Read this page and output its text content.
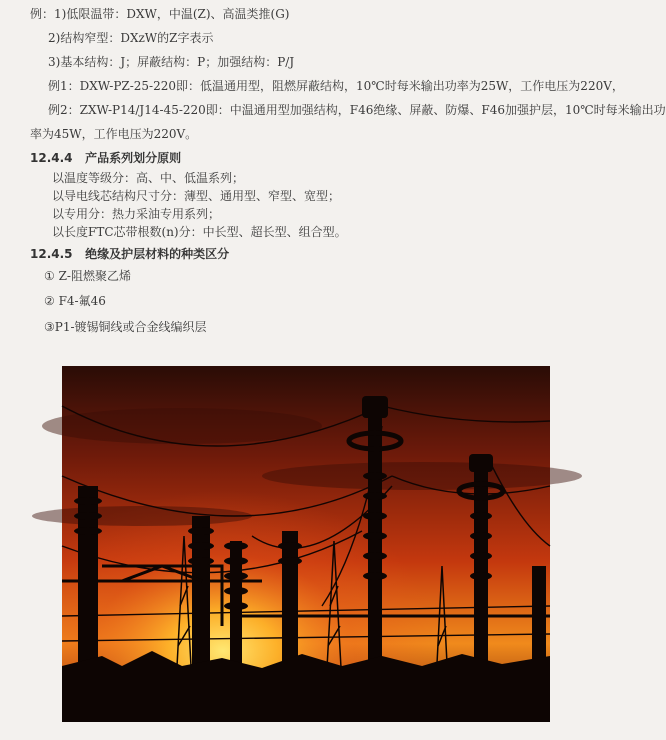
例：1)低限温带：DXW，中温(Z)、高温类推(G)
2)结构窄型：DXzW的Z字表示
3)基本结构：J；屏蔽结构：P；加强结构：P/J
例1：DXW-PZ-25-220即：低温通用型，阻燃屏蔽结构，10℃时每米输出功率为25W，工作电压为220V，
例2：ZXW-P14/J14-45-220即：中温通用型加强结构，F46绝缘、屏蔽、防爆、F46加强护层，10℃时每米输出功
率为45W，工作电压为220V。
12.4.4 产品系列划分原则
以温度等级分：高、中、低温系列；
以导电线芯结构尺寸分：薄型、通用型、窄型、宽型；
以专用分：热力采油专用系列；
以长度FTC芯带根数(n)分：中长型、超长型、组合型。
12.4.5 绝缘及护层材料的种类区分
① Z-阻燃聚乙烯
② F4-氟46
③P1-镀锡铜线或合金线编织层
